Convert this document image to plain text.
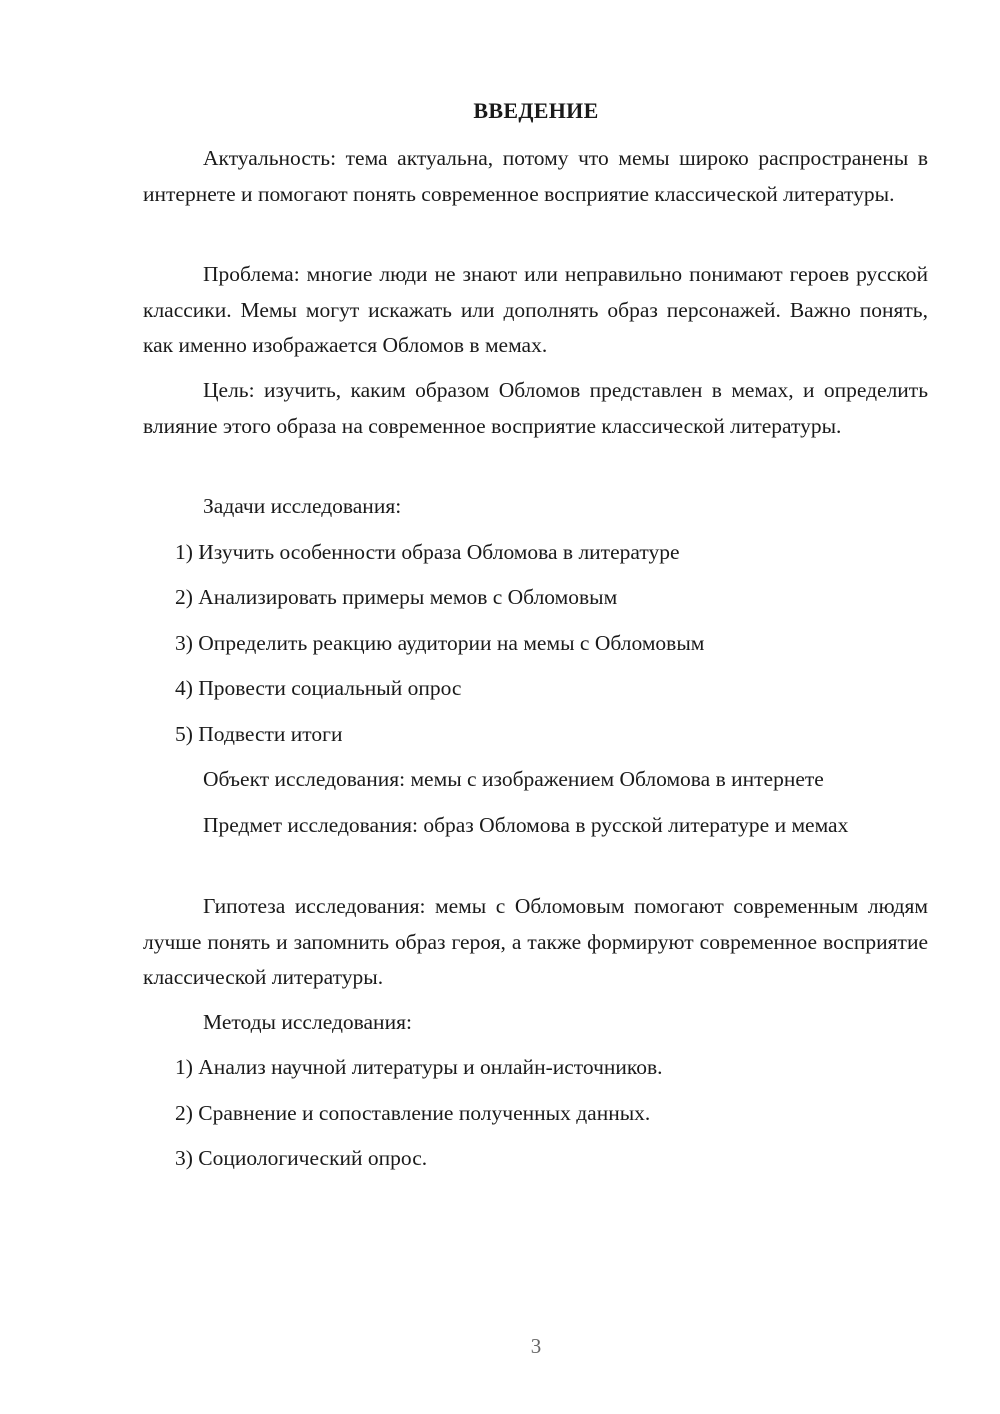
ВВЕДЕНИЕ

Актуальность: тема актуальна, потому что мемы широко распространены в интернете и помогают понять современное восприятие классической литературы.

Проблема: многие люди не знают или неправильно понимают героев русской классики. Мемы могут искажать или дополнять образ персонажей. Важно понять, как именно изображается Обломов в мемах.

Цель: изучить, каким образом Обломов представлен в мемах, и определить влияние этого образа на современное восприятие классической литературы.

Задачи исследования:
1) Изучить особенности образа Обломова в литературе
2) Анализировать примеры мемов с Обломовым
3) Определить реакцию аудитории на мемы с Обломовым
4) Провести социальный опрос
5) Подвести итоги
Объект исследования: мемы с изображением Обломова в интернете

Предмет исследования: образ Обломова в русской литературе и мемах

Гипотеза исследования: мемы с Обломовым помогают современным людям лучше понять и запомнить образ героя, а также формируют современное восприятие классической литературы.

Методы исследования:
1) Анализ научной литературы и онлайн-источников.
2) Сравнение и сопоставление полученных данных.
3) Социологический опрос.
3
